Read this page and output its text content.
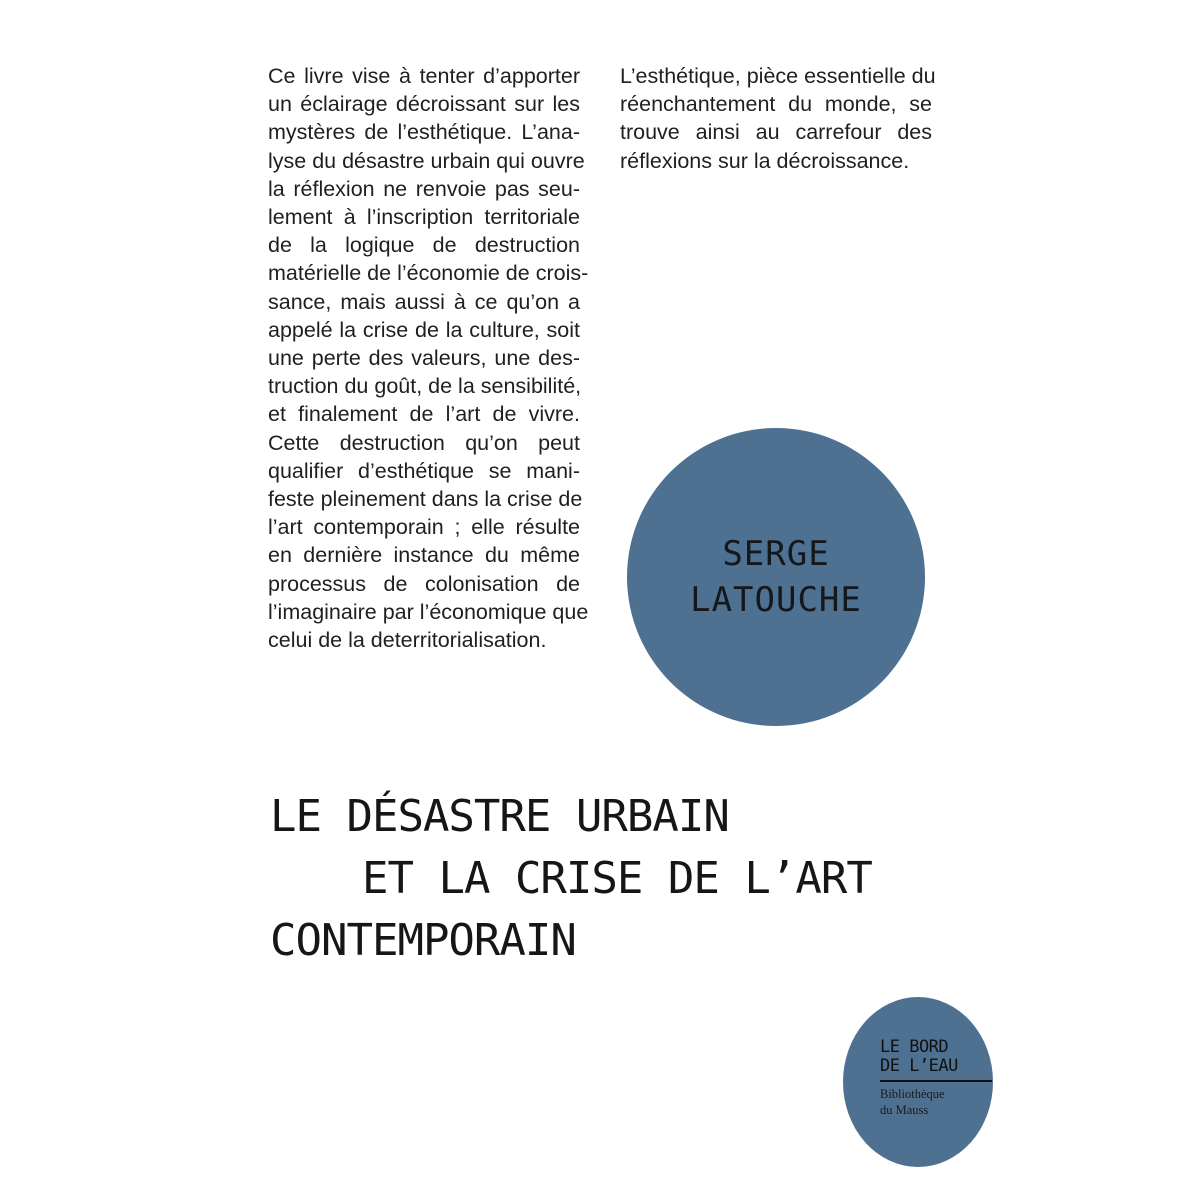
Ce livre vise à tenter d’apporter
un éclairage décroissant sur les
mystères de l’esthétique. L’ana-
lyse du désastre urbain qui ouvre
la réflexion ne renvoie pas seu-
lement à l’inscription territoriale
de la logique de destruction
matérielle de l’économie de crois-
sance, mais aussi à ce qu’on a
appelé la crise de la culture, soit
une perte des valeurs, une des-
truction du goût, de la sensibilité,
et finalement de l’art de vivre.
Cette destruction qu’on peut
qualifier d’esthétique se mani-
feste pleinement dans la crise de
l’art contemporain ; elle résulte
en dernière instance du même
processus de colonisation de
l’imaginaire par l’économique que
celui de la deterritorialisation.
L’esthétique, pièce essentielle du
réenchantement du monde, se
trouve ainsi au carrefour des
réflexions sur la décroissance.
SERGE
LATOUCHE
LE DÉSASTRE URBAIN
ET LA CRISE DE L’ART
CONTEMPORAIN
LE BORD
DE L’EAU
Bibliothèque
du Mauss
